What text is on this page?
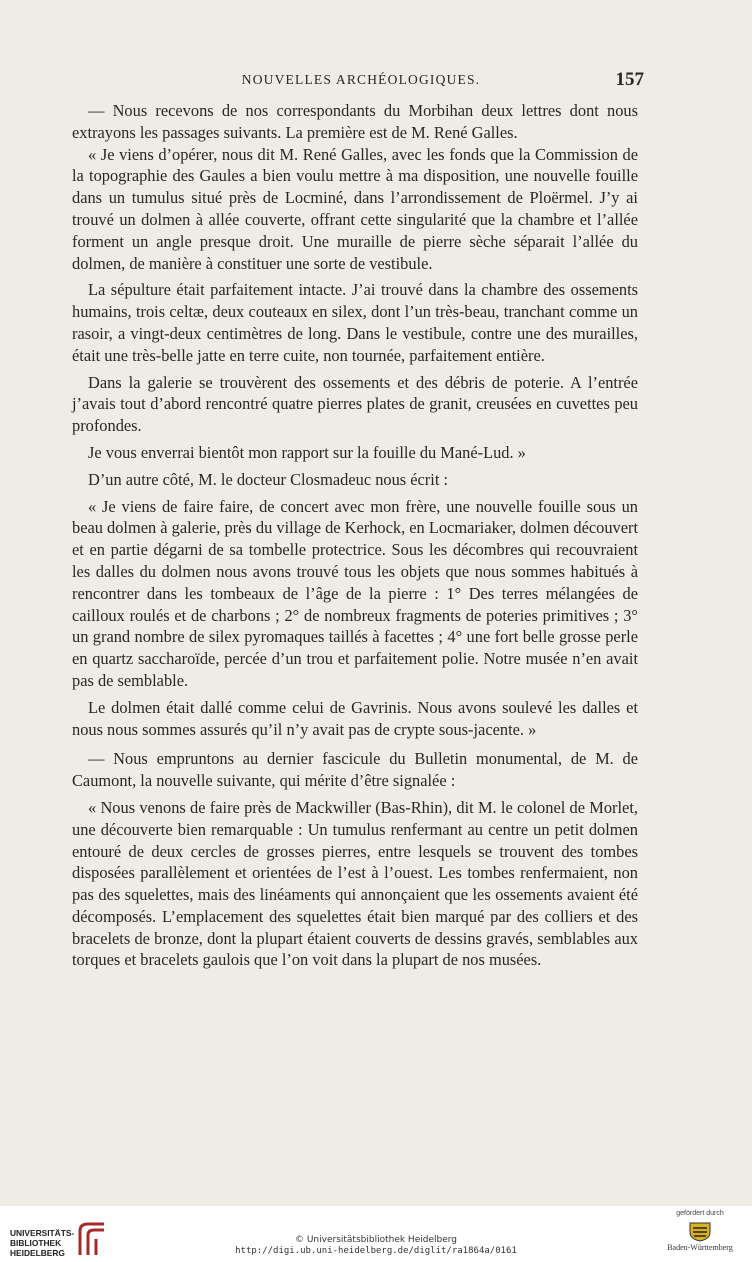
NOUVELLES ARCHÉOLOGIQUES.	157

— Nous recevons de nos correspondants du Morbihan deux lettres dont nous extrayons les passages suivants. La première est de M. René Galles.

« Je viens d’opérer, nous dit M. René Galles, avec les fonds que la Commission de la topographie des Gaules a bien voulu mettre à ma disposition, une nouvelle fouille dans un tumulus situé près de Locminé, dans l’arrondissement de Ploërmel. J’y ai trouvé un dolmen à allée couverte, offrant cette singularité que la chambre et l’allée forment un angle presque droit. Une muraille de pierre sèche séparait l’allée du dolmen, de manière à constituer une sorte de vestibule.

La sépulture était parfaitement intacte. J’ai trouvé dans la chambre des ossements humains, trois celtæ, deux couteaux en silex, dont l’un très-beau, tranchant comme un rasoir, a vingt-deux centimètres de long. Dans le vestibule, contre une des murailles, était une très-belle jatte en terre cuite, non tournée, parfaitement entière.

Dans la galerie se trouvèrent des ossements et des débris de poterie. A l’entrée j’avais tout d’abord rencontré quatre pierres plates de granit, creusées en cuvettes peu profondes.

Je vous enverrai bientôt mon rapport sur la fouille du Mané-Lud. »

D’un autre côté, M. le docteur Closmadeuc nous écrit :

« Je viens de faire faire, de concert avec mon frère, une nouvelle fouille sous un beau dolmen à galerie, près du village de Kerhock, en Locmariaker, dolmen découvert et en partie dégarni de sa tombelle protectrice. Sous les décombres qui recouvraient les dalles du dolmen nous avons trouvé tous les objets que nous sommes habitués à rencontrer dans les tombeaux de l’âge de la pierre : 1° Des terres mélangées de cailloux roulés et de charbons ; 2° de nombreux fragments de poteries primitives ; 3° un grand nombre de silex pyromaques taillés à facettes ; 4° une fort belle grosse perle en quartz saccharoïde, percée d’un trou et parfaitement polie. Notre musée n’en avait pas de semblable.

Le dolmen était dallé comme celui de Gavrinis. Nous avons soulevé les dalles et nous nous sommes assurés qu’il n’y avait pas de crypte sous-jacente. »

— Nous empruntons au dernier fascicule du Bulletin monumental, de M. de Caumont, la nouvelle suivante, qui mérite d’être signalée :

« Nous venons de faire près de Mackwiller (Bas-Rhin), dit M. le colonel de Morlet, une découverte bien remarquable : Un tumulus renfermant au centre un petit dolmen entouré de deux cercles de grosses pierres, entre lesquels se trouvent des tombes disposées parallèlement et orientées de l’est à l’ouest. Les tombes renfermaient, non pas des squelettes, mais des linéaments qui annonçaient que les ossements avaient été décomposés. L’emplacement des squelettes était bien marqué par des colliers et des bracelets de bronze, dont la plupart étaient couverts de dessins gravés, semblables aux torques et bracelets gaulois que l’on voit dans la plupart de nos musées.

UNIVERSITÄTS-
BIBLIOTHEK
HEIDELBERG
© Universitätsbibliothek Heidelberg
http://digi.ub.uni-heidelberg.de/diglit/ra1864a/0161
gefördert durch
Baden-Württemberg
